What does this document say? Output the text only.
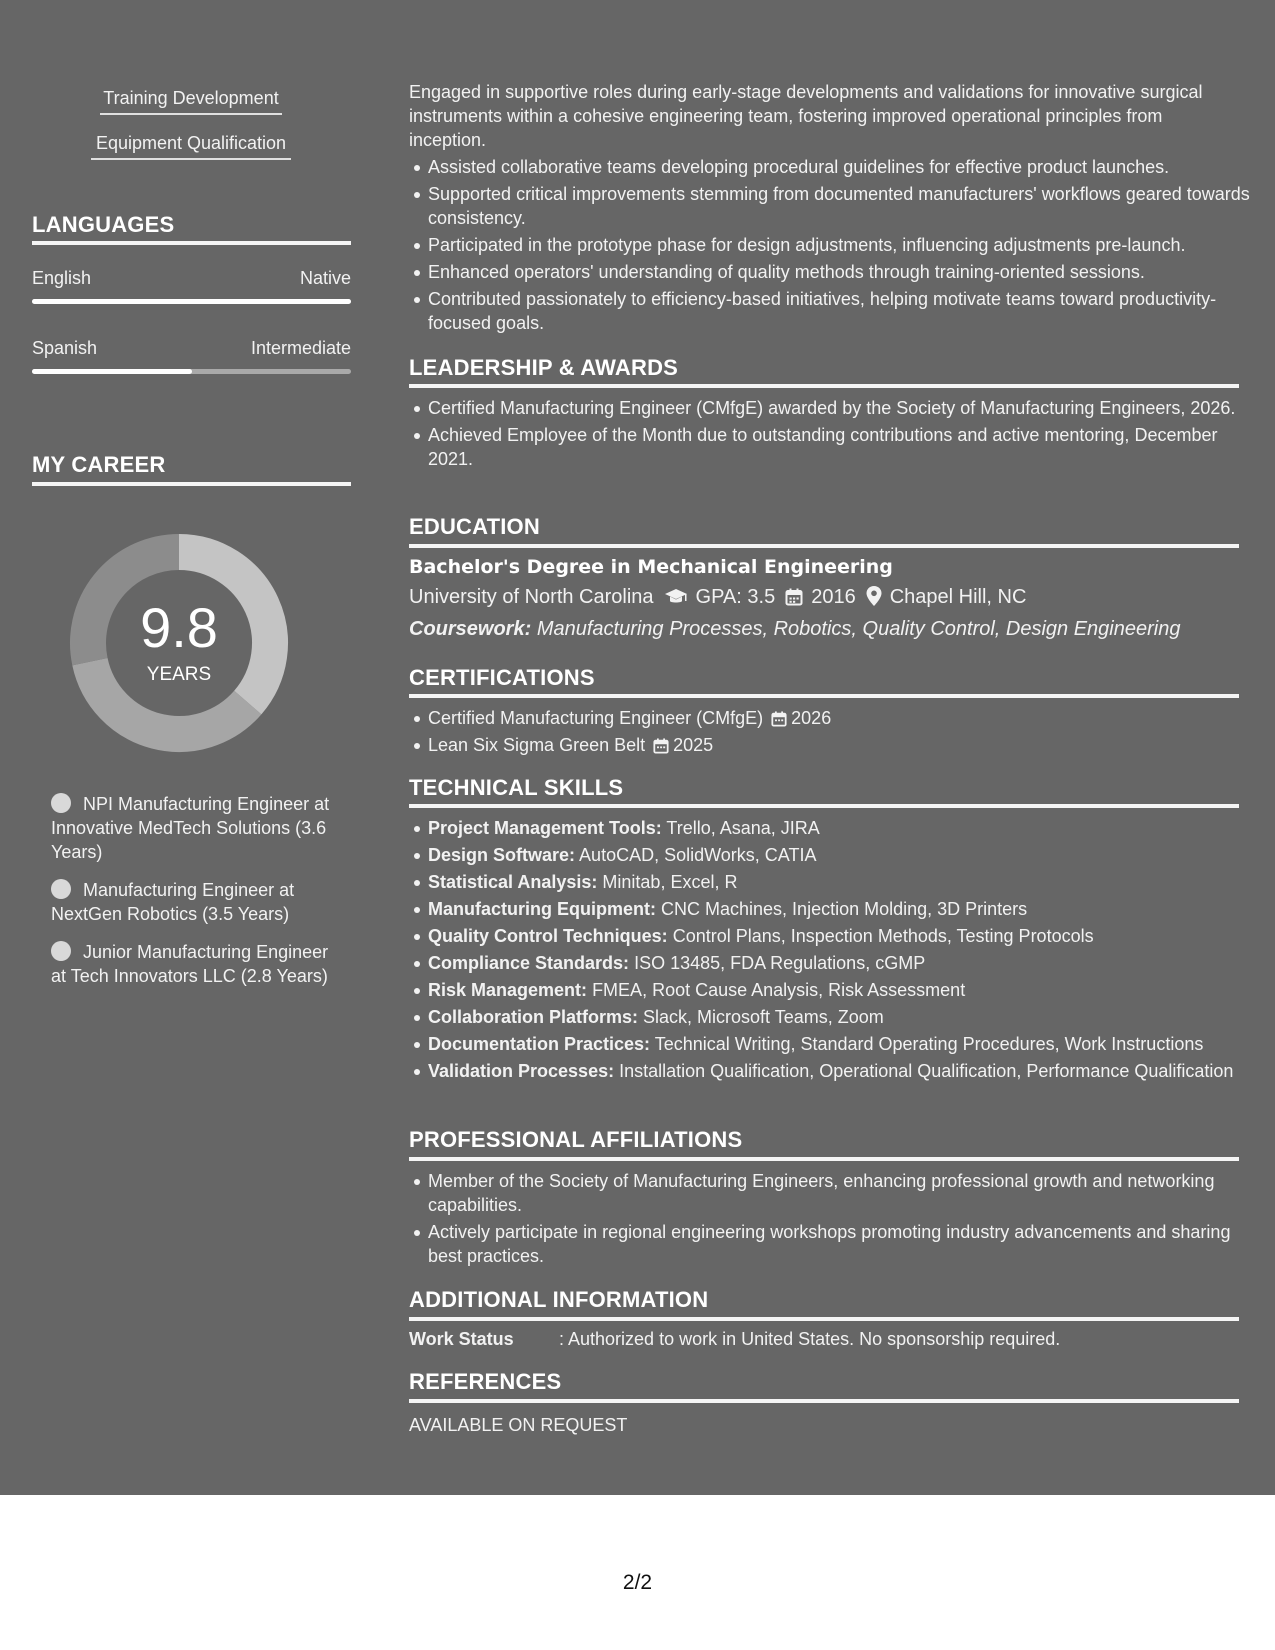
Training Development
Equipment Qualification
LANGUAGES
English	Native
Spanish	Intermediate
MY CAREER
9.8
YEARS
NPI Manufacturing Engineer at Innovative MedTech Solutions (3.6 Years)
Manufacturing Engineer at NextGen Robotics (3.5 Years)
Junior Manufacturing Engineer at Tech Innovators LLC (2.8 Years)
Engaged in supportive roles during early-stage developments and validations for innovative surgical instruments within a cohesive engineering team, fostering improved operational principles from inception.
Assisted collaborative teams developing procedural guidelines for effective product launches.
Supported critical improvements stemming from documented manufacturers' workflows geared towards consistency.
Participated in the prototype phase for design adjustments, influencing adjustments pre-launch.
Enhanced operators' understanding of quality methods through training-oriented sessions.
Contributed passionately to efficiency-based initiatives, helping motivate teams toward productivity-focused goals.
LEADERSHIP & AWARDS
Certified Manufacturing Engineer (CMfgE) awarded by the Society of Manufacturing Engineers, 2026.
Achieved Employee of the Month due to outstanding contributions and active mentoring, December 2021.
EDUCATION
Bachelor's Degree in Mechanical Engineering
University of North Carolina GPA: 3.5 2016 Chapel Hill, NC
Coursework: Manufacturing Processes, Robotics, Quality Control, Design Engineering
CERTIFICATIONS
Certified Manufacturing Engineer (CMfgE) 2026
Lean Six Sigma Green Belt 2025
TECHNICAL SKILLS
Project Management Tools: Trello, Asana, JIRA
Design Software: AutoCAD, SolidWorks, CATIA
Statistical Analysis: Minitab, Excel, R
Manufacturing Equipment: CNC Machines, Injection Molding, 3D Printers
Quality Control Techniques: Control Plans, Inspection Methods, Testing Protocols
Compliance Standards: ISO 13485, FDA Regulations, cGMP
Risk Management: FMEA, Root Cause Analysis, Risk Assessment
Collaboration Platforms: Slack, Microsoft Teams, Zoom
Documentation Practices: Technical Writing, Standard Operating Procedures, Work Instructions
Validation Processes: Installation Qualification, Operational Qualification, Performance Qualification
PROFESSIONAL AFFILIATIONS
Member of the Society of Manufacturing Engineers, enhancing professional growth and networking capabilities.
Actively participate in regional engineering workshops promoting industry advancements and sharing best practices.
ADDITIONAL INFORMATION
Work Status	: Authorized to work in United States. No sponsorship required.
REFERENCES
AVAILABLE ON REQUEST
2/2
